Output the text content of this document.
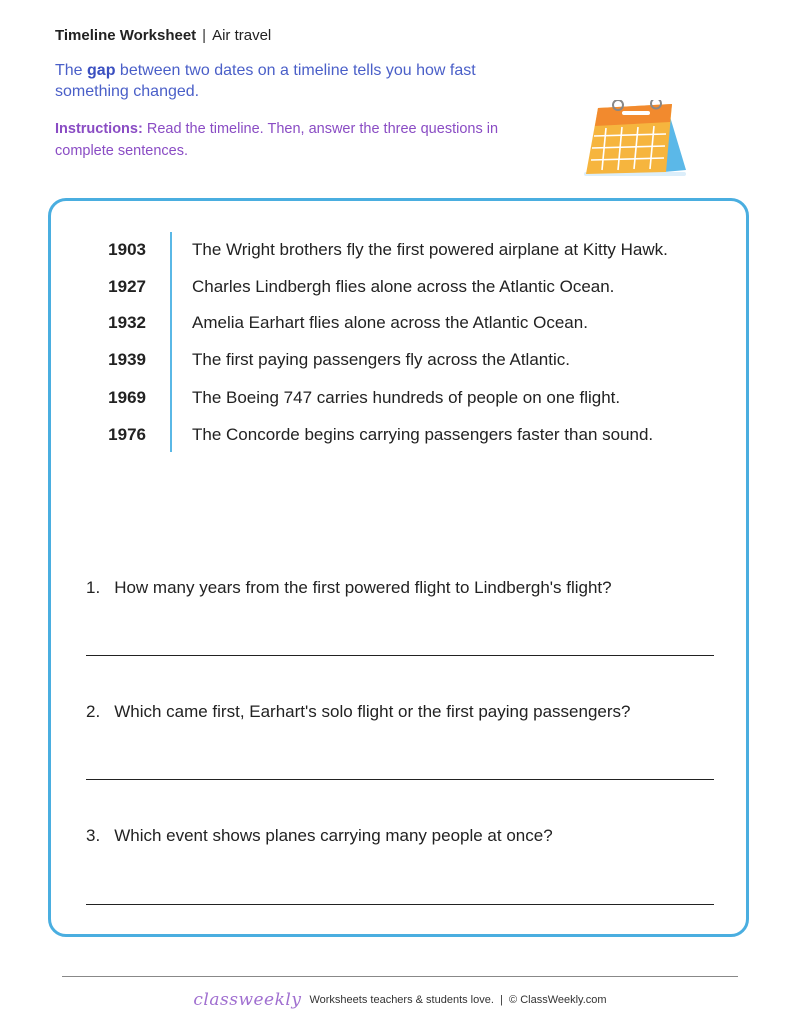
Timeline Worksheet | Air travel
The gap between two dates on a timeline tells you how fast something changed.
Instructions: Read the timeline. Then, answer the three questions in complete sentences.
1903	The Wright brothers fly the first powered airplane at Kitty Hawk.
1927	Charles Lindbergh flies alone across the Atlantic Ocean.
1932	Amelia Earhart flies alone across the Atlantic Ocean.
1939	The first paying passengers fly across the Atlantic.
1969	The Boeing 747 carries hundreds of people on one flight.
1976	The Concorde begins carrying passengers faster than sound.
1. How many years from the first powered flight to Lindbergh's flight?
2. Which came first, Earhart's solo flight or the first paying passengers?
3. Which event shows planes carrying many people at once?
classweekly Worksheets teachers & students love. | © ClassWeekly.com
